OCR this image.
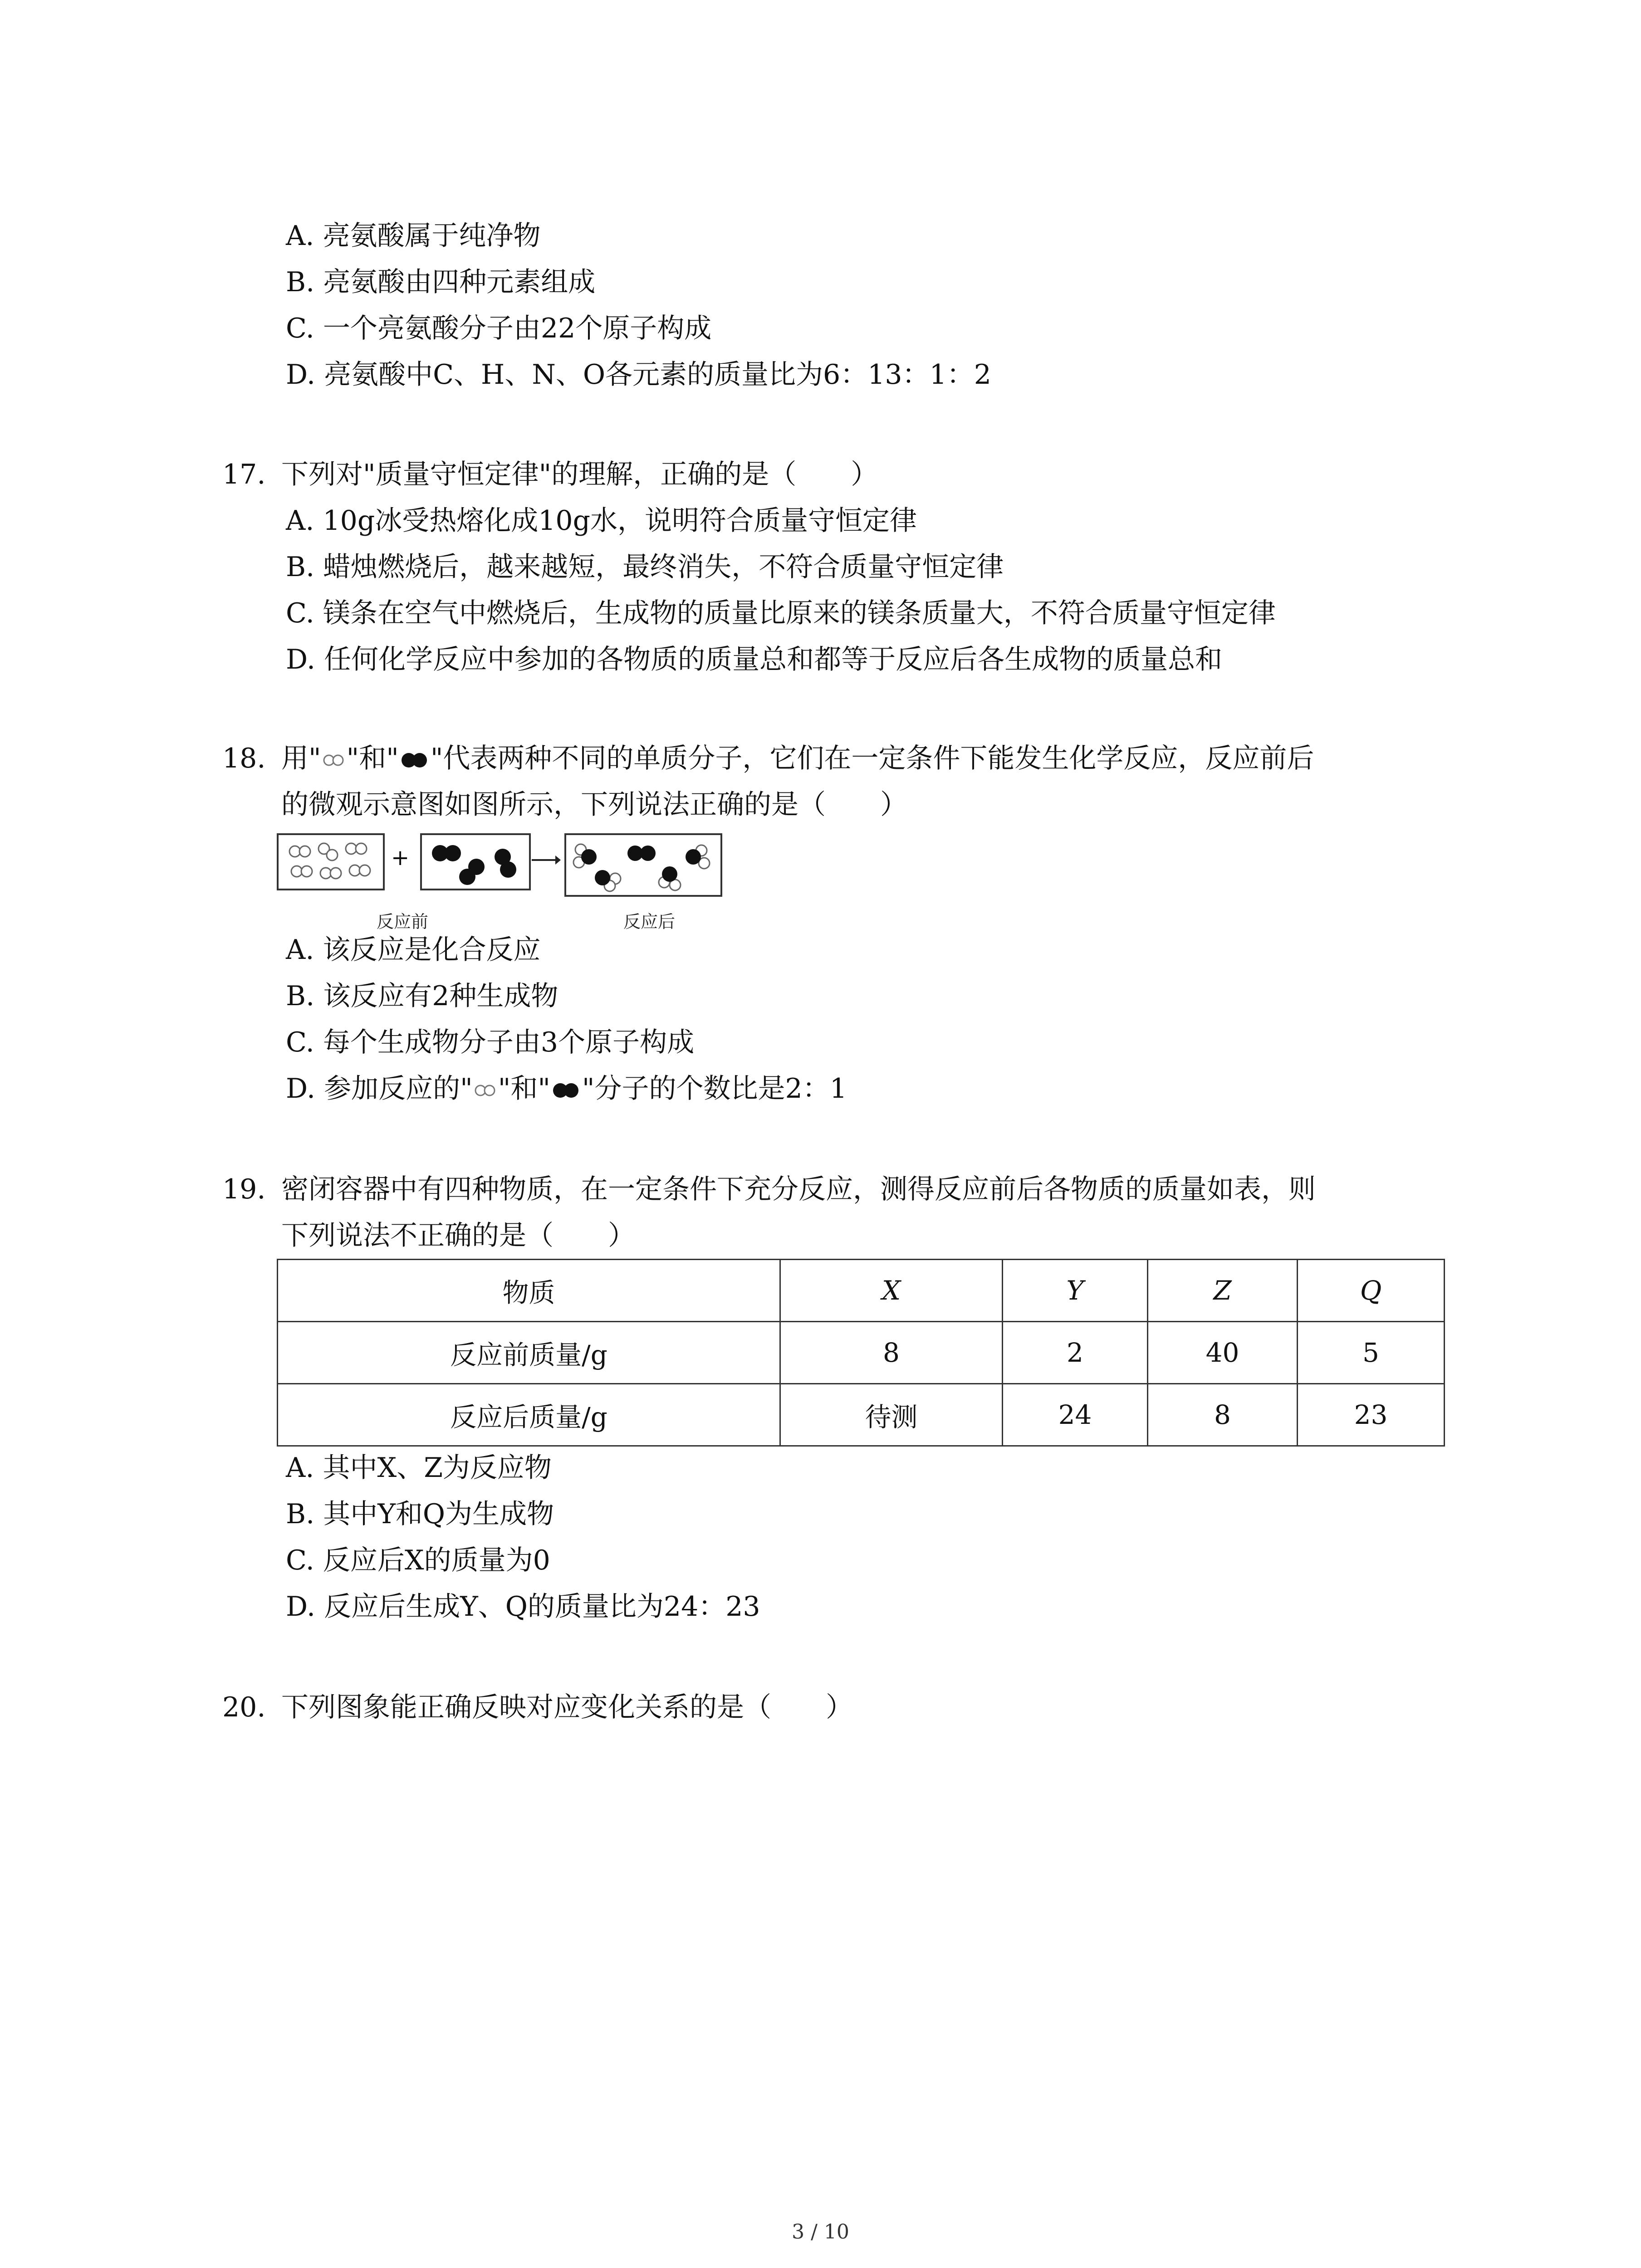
A. 亮氨酸属于纯净物
B. 亮氨酸由四种元素组成
C. 一个亮氨酸分子由22个原子构成
D. 亮氨酸中C、H、N、O各元素的质量比为6：13：1：2
17. 下列对"质量守恒定律"的理解，正确的是（　　）
A. 10g冰受热熔化成10g水，说明符合质量守恒定律
B. 蜡烛燃烧后，越来越短，最终消失，不符合质量守恒定律
C. 镁条在空气中燃烧后，生成物的质量比原来的镁条质量大，不符合质量守恒定律
D. 任何化学反应中参加的各物质的质量总和都等于反应后各生成物的质量总和
18. 用" "和" "代表两种不同的单质分子，它们在一定条件下能发生化学反应，反应前后
的微观示意图如图所示，下列说法正确的是（　　）
+
反应前	反应后
A. 该反应是化合反应
B. 该反应有2种生成物
C. 每个生成物分子由3个原子构成
D. 参加反应的" "和" "分子的个数比是2：1
19. 密闭容器中有四种物质，在一定条件下充分反应，测得反应前后各物质的质量如表，则
下列说法不正确的是（　　）
物质	X	Y	Z	Q
反应前质量/g	8	2	40	5
反应后质量/g	待测	24	8	23
A. 其中X、Z为反应物
B. 其中Y和Q为生成物
C. 反应后X的质量为0
D. 反应后生成Y、Q的质量比为24：23
20. 下列图象能正确反映对应变化关系的是（　　）
3 / 10
